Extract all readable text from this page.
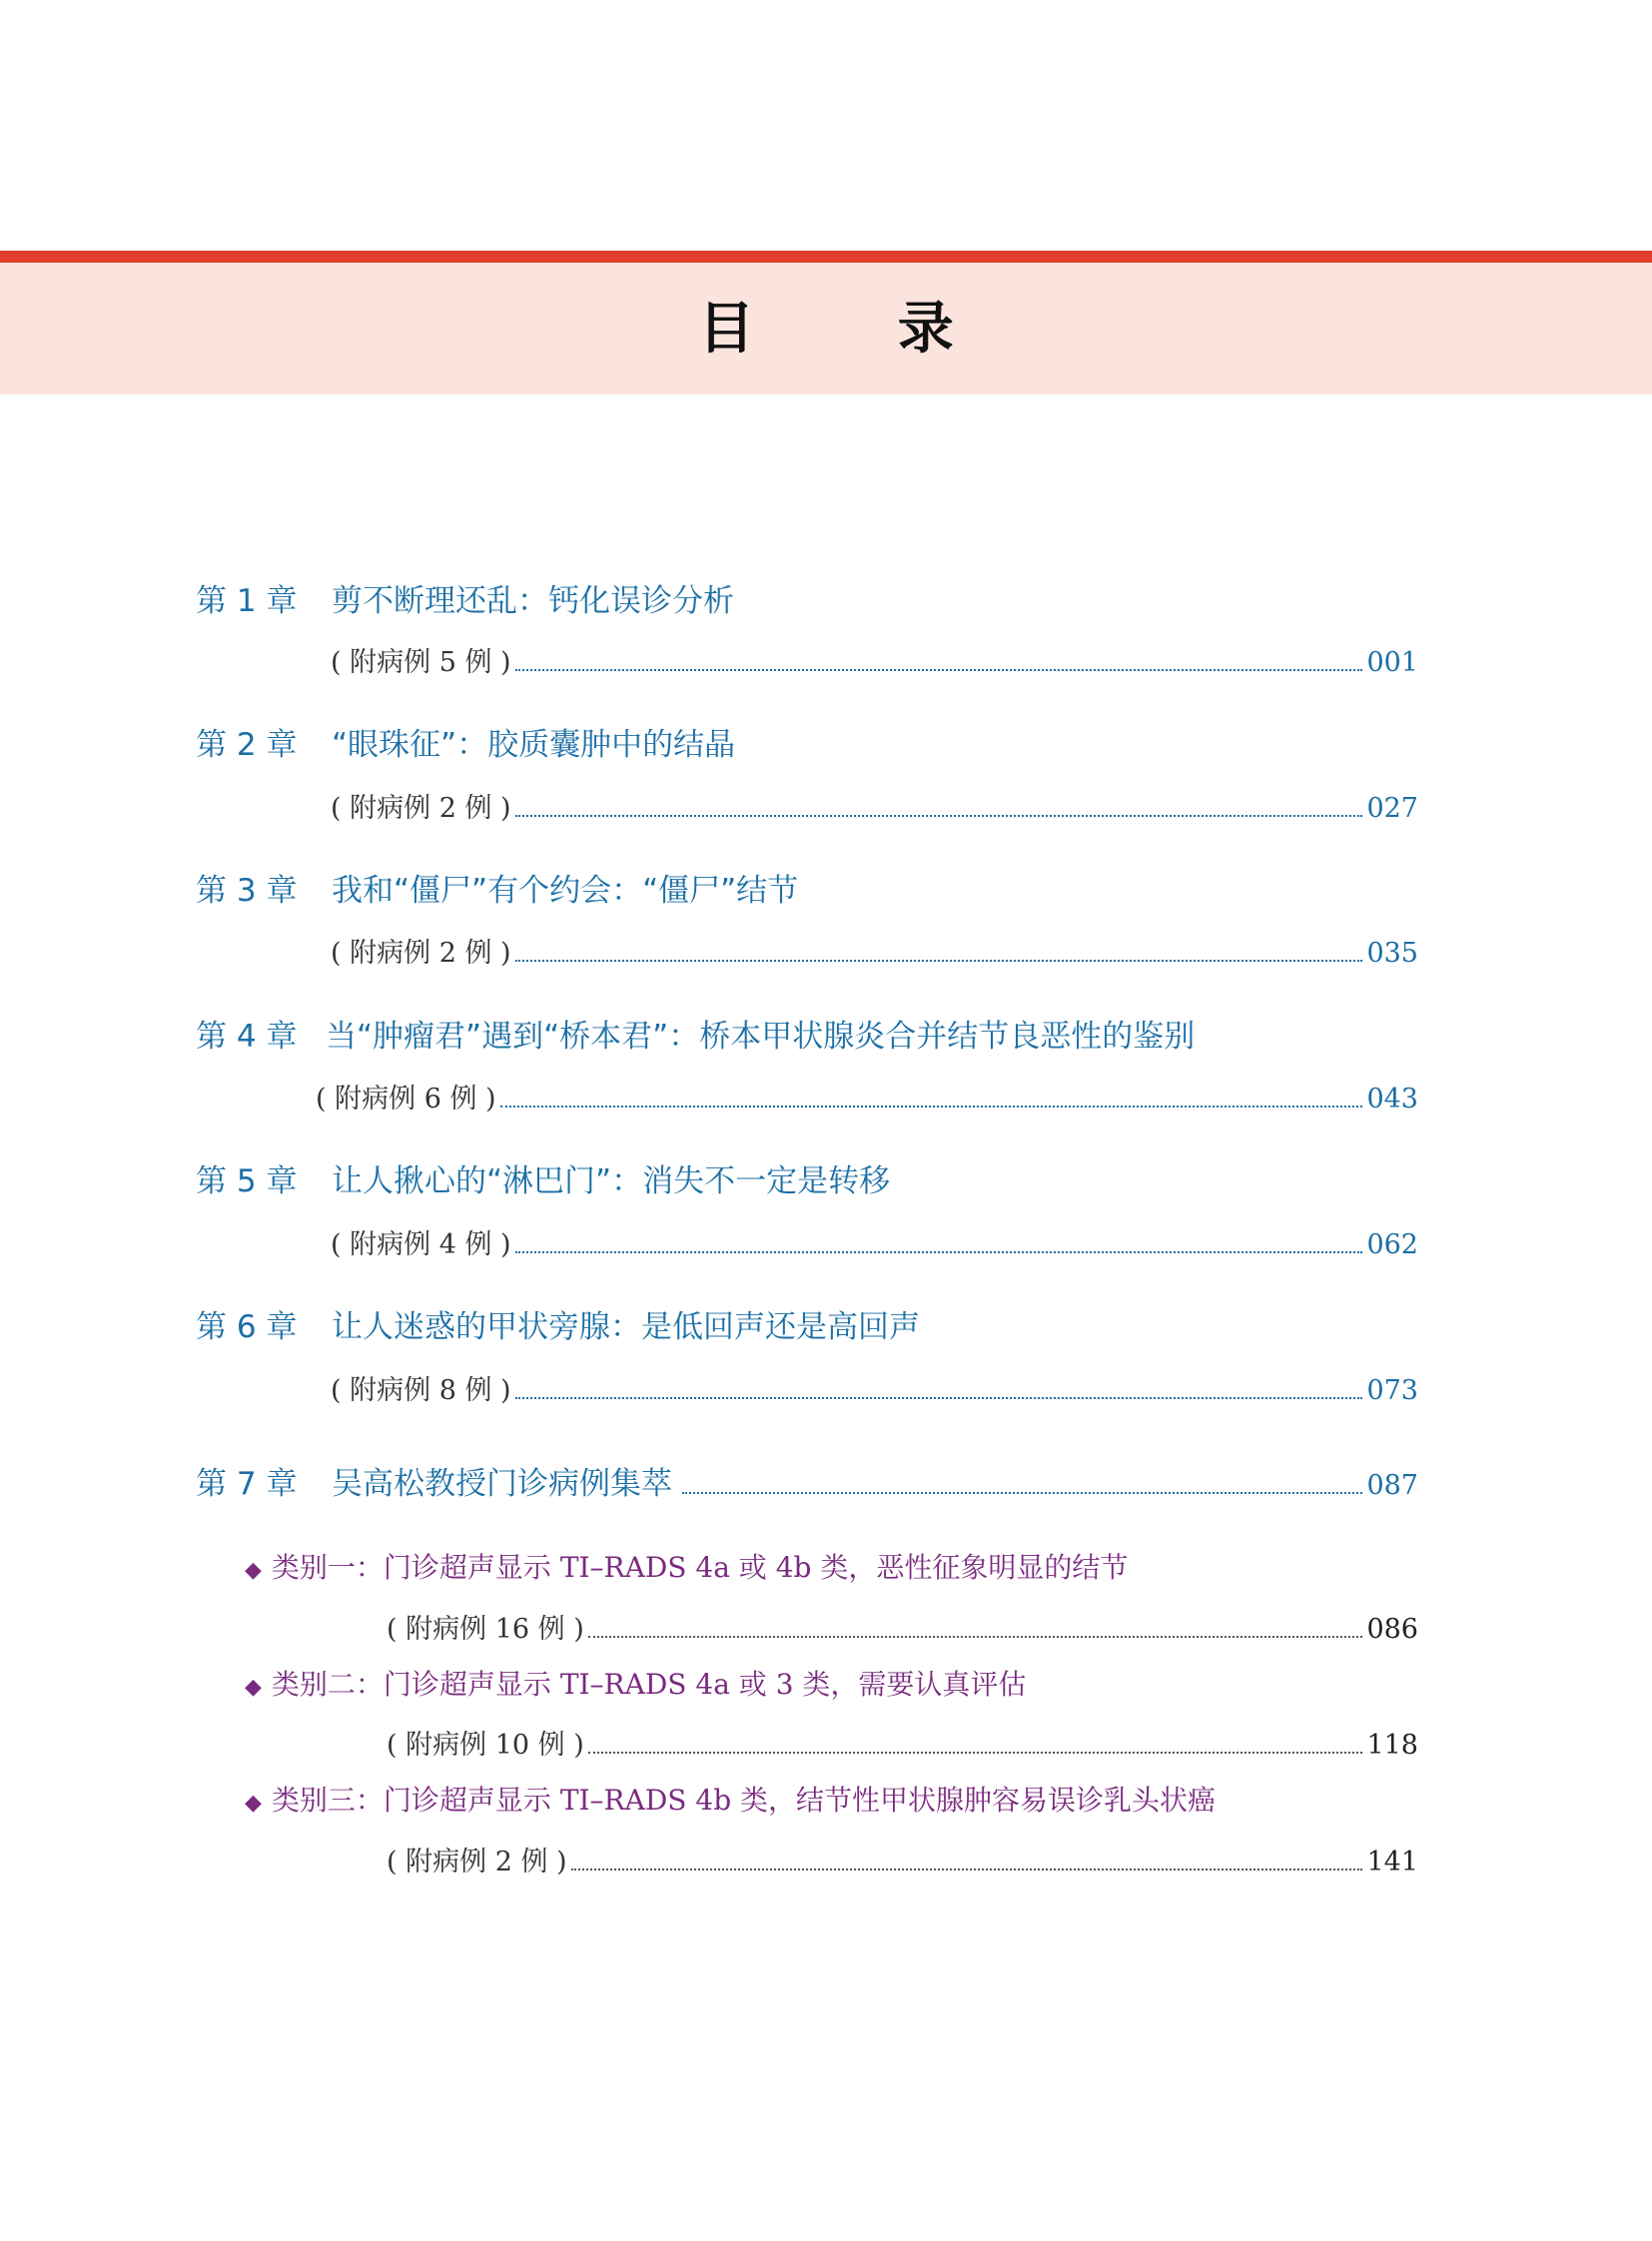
目 录
第 1 章 剪不断理还乱：钙化误诊分析
( 附病例 5 例 )	001
第 2 章 “眼珠征”：胶质囊肿中的结晶
( 附病例 2 例 )	027
第 3 章 我和“僵尸”有个约会：“僵尸”结节
( 附病例 2 例 )	035
第 4 章 当“肿瘤君”遇到“桥本君”：桥本甲状腺炎合并结节良恶性的鉴别
( 附病例 6 例 )	043
第 5 章 让人揪心的“淋巴门”：消失不一定是转移
( 附病例 4 例 )	062
第 6 章 让人迷惑的甲状旁腺：是低回声还是高回声
( 附病例 8 例 )	073
第 7 章 吴高松教授门诊病例集萃	087
◆ 类别一：门诊超声显示 TI–RADS 4a 或 4b 类，恶性征象明显的结节
( 附病例 16 例 )	086
◆ 类别二：门诊超声显示 TI–RADS 4a 或 3 类，需要认真评估
( 附病例 10 例 )	118
◆ 类别三：门诊超声显示 TI–RADS 4b 类，结节性甲状腺肿容易误诊乳头状癌
( 附病例 2 例 )	141
